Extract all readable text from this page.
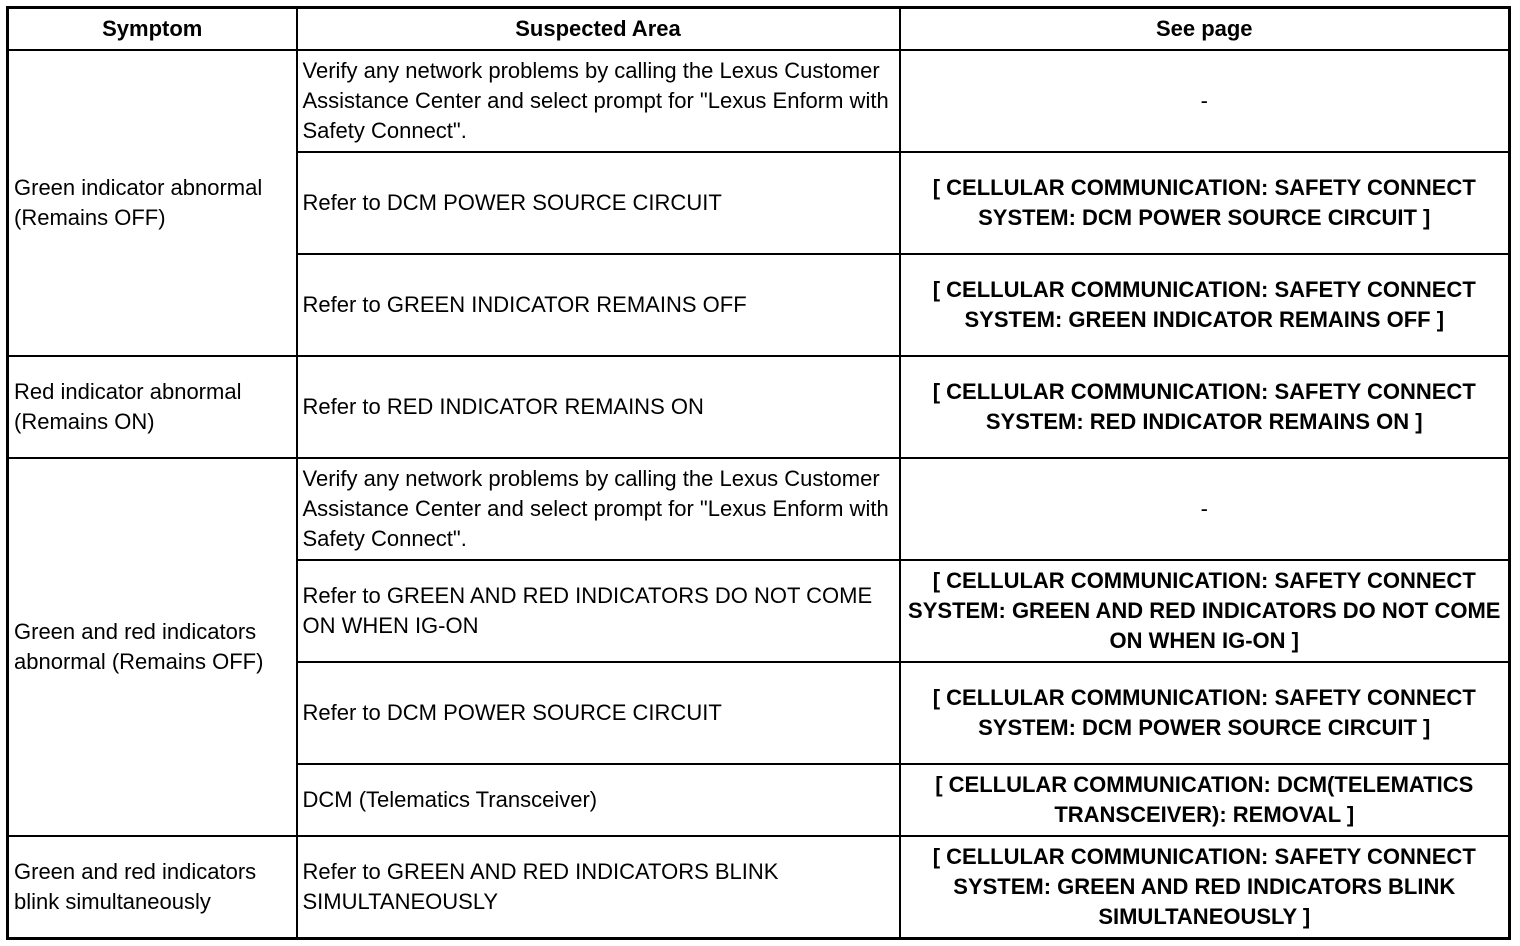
Symptom	Suspected Area	See page
Green indicator abnormal (Remains OFF)	Verify any network problems by calling the Lexus Customer Assistance Center and select prompt for "Lexus Enform with Safety Connect".	-
	Refer to DCM POWER SOURCE CIRCUIT	[ CELLULAR COMMUNICATION: SAFETY CONNECT SYSTEM: DCM POWER SOURCE CIRCUIT ]
	Refer to GREEN INDICATOR REMAINS OFF	[ CELLULAR COMMUNICATION: SAFETY CONNECT SYSTEM: GREEN INDICATOR REMAINS OFF ]
Red indicator abnormal (Remains ON)	Refer to RED INDICATOR REMAINS ON	[ CELLULAR COMMUNICATION: SAFETY CONNECT SYSTEM: RED INDICATOR REMAINS ON ]
Green and red indicators abnormal (Remains OFF)	Verify any network problems by calling the Lexus Customer Assistance Center and select prompt for "Lexus Enform with Safety Connect".	-
	Refer to GREEN AND RED INDICATORS DO NOT COME ON WHEN IG-ON	[ CELLULAR COMMUNICATION: SAFETY CONNECT SYSTEM: GREEN AND RED INDICATORS DO NOT COME ON WHEN IG-ON ]
	Refer to DCM POWER SOURCE CIRCUIT	[ CELLULAR COMMUNICATION: SAFETY CONNECT SYSTEM: DCM POWER SOURCE CIRCUIT ]
	DCM (Telematics Transceiver)	[ CELLULAR COMMUNICATION: DCM(TELEMATICS TRANSCEIVER): REMOVAL ]
Green and red indicators blink simultaneously	Refer to GREEN AND RED INDICATORS BLINK SIMULTANEOUSLY	[ CELLULAR COMMUNICATION: SAFETY CONNECT SYSTEM: GREEN AND RED INDICATORS BLINK SIMULTANEOUSLY ]
